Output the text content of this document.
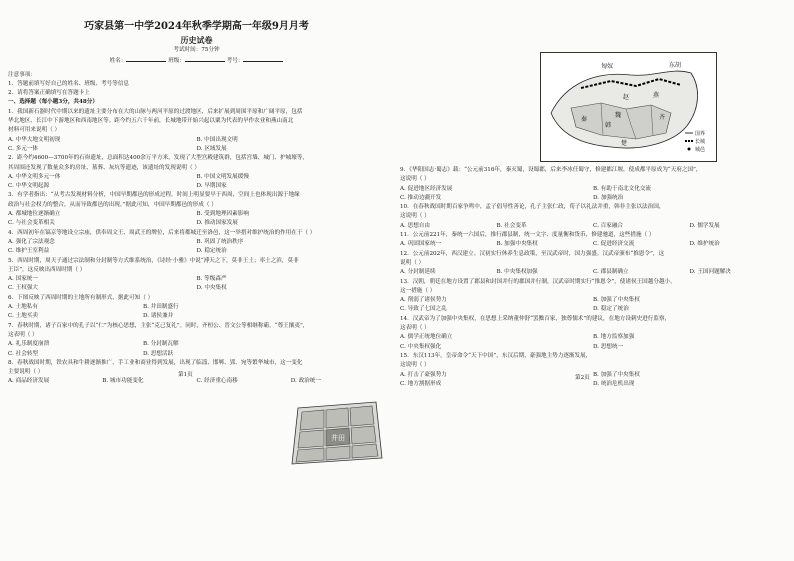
巧家县第一中学2024年秋季学期高一年级9月月考
历史试卷
考试时间：75分钟
姓名：	班级：	考号：
注意事项：
1．答题前填写好自己的姓名、班级、考号等信息
2．请将答案正确填写在答题卡上
一、选择题（每小题3分，共48分）
1．我国新石器时代中期以来的遗址主要分布在大的山脉与两河平原的过渡地区，后来扩展到周围平原和广阔平原，包括
华北地区、长江中下游地区和西南地区等。距今约五六千年前，长城地带开始兴起以粟为代表的旱作农业和燕山南北
材料可用来说明（ ）
A. 中华大地文明初现	B. 中国出现文明
C. 多元一体	D. 区域发展
2．距今约4600—3700年的石峁遗址，总面积达400余万平方米，发现了大型宫殿建筑群，包括宫墙、城门、护城壕等，
其周围还发现了数量众多的房址、墓葬、灰坑等遗迹，该遗址的发现说明（ ）
A. 中华文明多元一体	B. 中国文明发展缓慢
C. 中华文明起源	D. 早期国家
3．有学者指出：“从考古发现材料分析，中国早期都邑的形成过程，时间上明显要早于西周，空间上也体现出源于地缘
政治与社会权力的整合，从而导致都邑的出现。”据此可知，中国早期都邑的形成（ ）
A. 都城地位逐渐确立	B. 受到地理因素影响
C. 与社会变革相关	D. 推动国家发展
4．西周初年在镐京等地设立宗庙，供奉周文王、周武王的牌位，后来将都城迁至洛邑，这一举措对维护统治的作用在于（ ）
A. 强化了宗法观念	B. 巩固了统治秩序
C. 维护王室利益	D. 稳定统治
5．西周时期，周天子通过宗法制和分封制等方式维系统治，《诗经·小雅》中说“溥天之下，莫非王土；率土之滨，莫非
王臣”。这反映出西周时期（ ）
A. 国家统一	B. 等级森严
C. 王权强大	D. 中央集权
6．下图反映了西周时期的土地所有制形式，据此可知（ ）
A. 土地私有	B. 井田制盛行
C. 土地买卖	D. 诸侯兼并
7．春秋时期，诸子百家中的孔子以“仁”为核心思想，主张“克己复礼”。同时，齐桓公、晋文公等相继称霸，“尊王攘夷”，
这表明（ ）
A. 礼乐制度崩溃	B. 分封制瓦解
C. 社会转型	D. 思想活跃
8．春秋战国时期，铁农具和牛耕逐渐推广，手工业和商业得到发展，出现了临淄、邯郸、郢、宛等繁华城市，这一变化
主要说明（ ）
A. 商品经济发展	B. 城市功能变化	C. 经济重心南移	D. 政治统一
井田
第1页
匈奴	东胡
秦	齐
楚
燕
赵
魏
韩
国界
长城
城邑
9．《华阳国志·蜀志》载：“公元前316年，秦灭蜀，设蜀郡，后来李冰任蜀守，修建都江堰，使成都平原成为“天府之国”，
这说明（ ）
A. 促进地区经济发展	B. 有助于南北文化交流
C. 推动边疆开发	D. 加强统治
10．在春秋战国时期百家争鸣中，孟子倡导性善论，孔子主张仁政，荀子以礼法并重，韩非主张以法治国，
这说明（ ）
A. 思想自由	B. 社会变革	C. 百家融合	D. 儒学发展
11．公元前221年，秦统一六国后，推行郡县制，统一文字、度量衡和货币，修建驰道，这些措施（ ）
A. 巩固国家统一	B. 加强中央集权	C. 促进经济交流	D. 维护统治
12．公元前202年，西汉建立。汉初实行休养生息政策，至汉武帝时，国力强盛。汉武帝颁布“推恩令”，这
说明（ ）
A. 分封制延续	B. 中央集权加强	C. 郡县制确立	D. 王国问题解决
13．汉朝，朝廷在地方设置了郡县和封国并行的郡国并行制，汉武帝时期实行“推恩令”，使诸侯王国越分越小，
这一措施（ ）
A. 削弱了诸侯势力	B. 加强了中央集权
C. 导致了七国之乱	D. 稳定了统治
14．汉武帝为了加强中央集权，在思想上采纳董仲舒“罢黜百家，独尊儒术”的建议，在地方设刺史进行监察，
这表明（ ）
A. 儒学正统地位确立	B. 地方监察加强
C. 中央集权强化	D. 思想统一
15．东汉113年，皇帝命令“天下中国”，东汉后期，豪强地主势力逐渐发展，
这说明（ ）
A. 打击了豪强势力	B. 加强了中央集权
C. 地方割据形成	D. 统治危机出现
第2页
